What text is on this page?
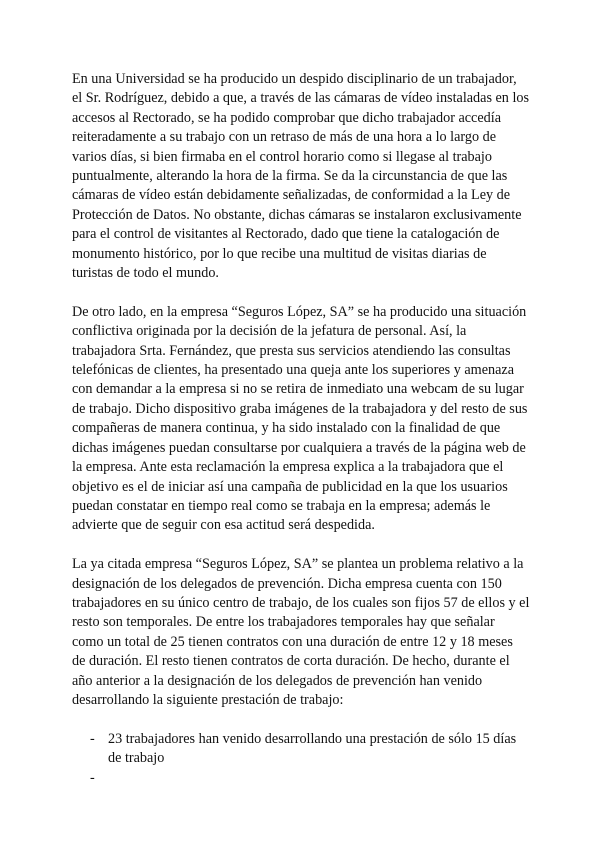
En una Universidad se ha producido un despido disciplinario de un trabajador,
el Sr. Rodríguez, debido a que, a través de las cámaras de vídeo instaladas en los
accesos al Rectorado, se ha podido comprobar que dicho trabajador accedía
reiteradamente a su trabajo con un retraso de más de una hora a lo largo de
varios días, si bien firmaba en el control horario como si llegase al trabajo
puntualmente, alterando la hora de la firma. Se da la circunstancia de que las
cámaras de vídeo están debidamente señalizadas, de conformidad a la Ley de
Protección de Datos. No obstante, dichas cámaras se instalaron exclusivamente
para el control de visitantes al Rectorado, dado que tiene la catalogación de
monumento histórico, por lo que recibe una multitud de visitas diarias de
turistas de todo el mundo.

De otro lado, en la empresa “Seguros López, SA” se ha producido una situación
conflictiva originada por la decisión de la jefatura de personal. Así, la
trabajadora Srta. Fernández, que presta sus servicios atendiendo las consultas
telefónicas de clientes, ha presentado una queja ante los superiores y amenaza
con demandar a la empresa si no se retira de inmediato una webcam de su lugar
de trabajo. Dicho dispositivo graba imágenes de la trabajadora y del resto de sus
compañeras de manera continua, y ha sido instalado con la finalidad de que
dichas imágenes puedan consultarse por cualquiera a través de la página web de
la empresa. Ante esta reclamación la empresa explica a la trabajadora que el
objetivo es el de iniciar así una campaña de publicidad en la que los usuarios
puedan constatar en tiempo real como se trabaja en la empresa; además le
advierte que de seguir con esa actitud será despedida.

La ya citada empresa “Seguros López, SA” se plantea un problema relativo a la
designación de los delegados de prevención. Dicha empresa cuenta con 150
trabajadores en su único centro de trabajo, de los cuales son fijos 57 de ellos y el
resto son temporales. De entre los trabajadores temporales hay que señalar
como un total de 25 tienen contratos con una duración de entre 12 y 18 meses
de duración. El resto tienen contratos de corta duración. De hecho, durante el
año anterior a la designación de los delegados de prevención han venido
desarrollando la siguiente prestación de trabajo:

- 23 trabajadores han venido desarrollando una prestación de sólo 15 días
de trabajo
-
